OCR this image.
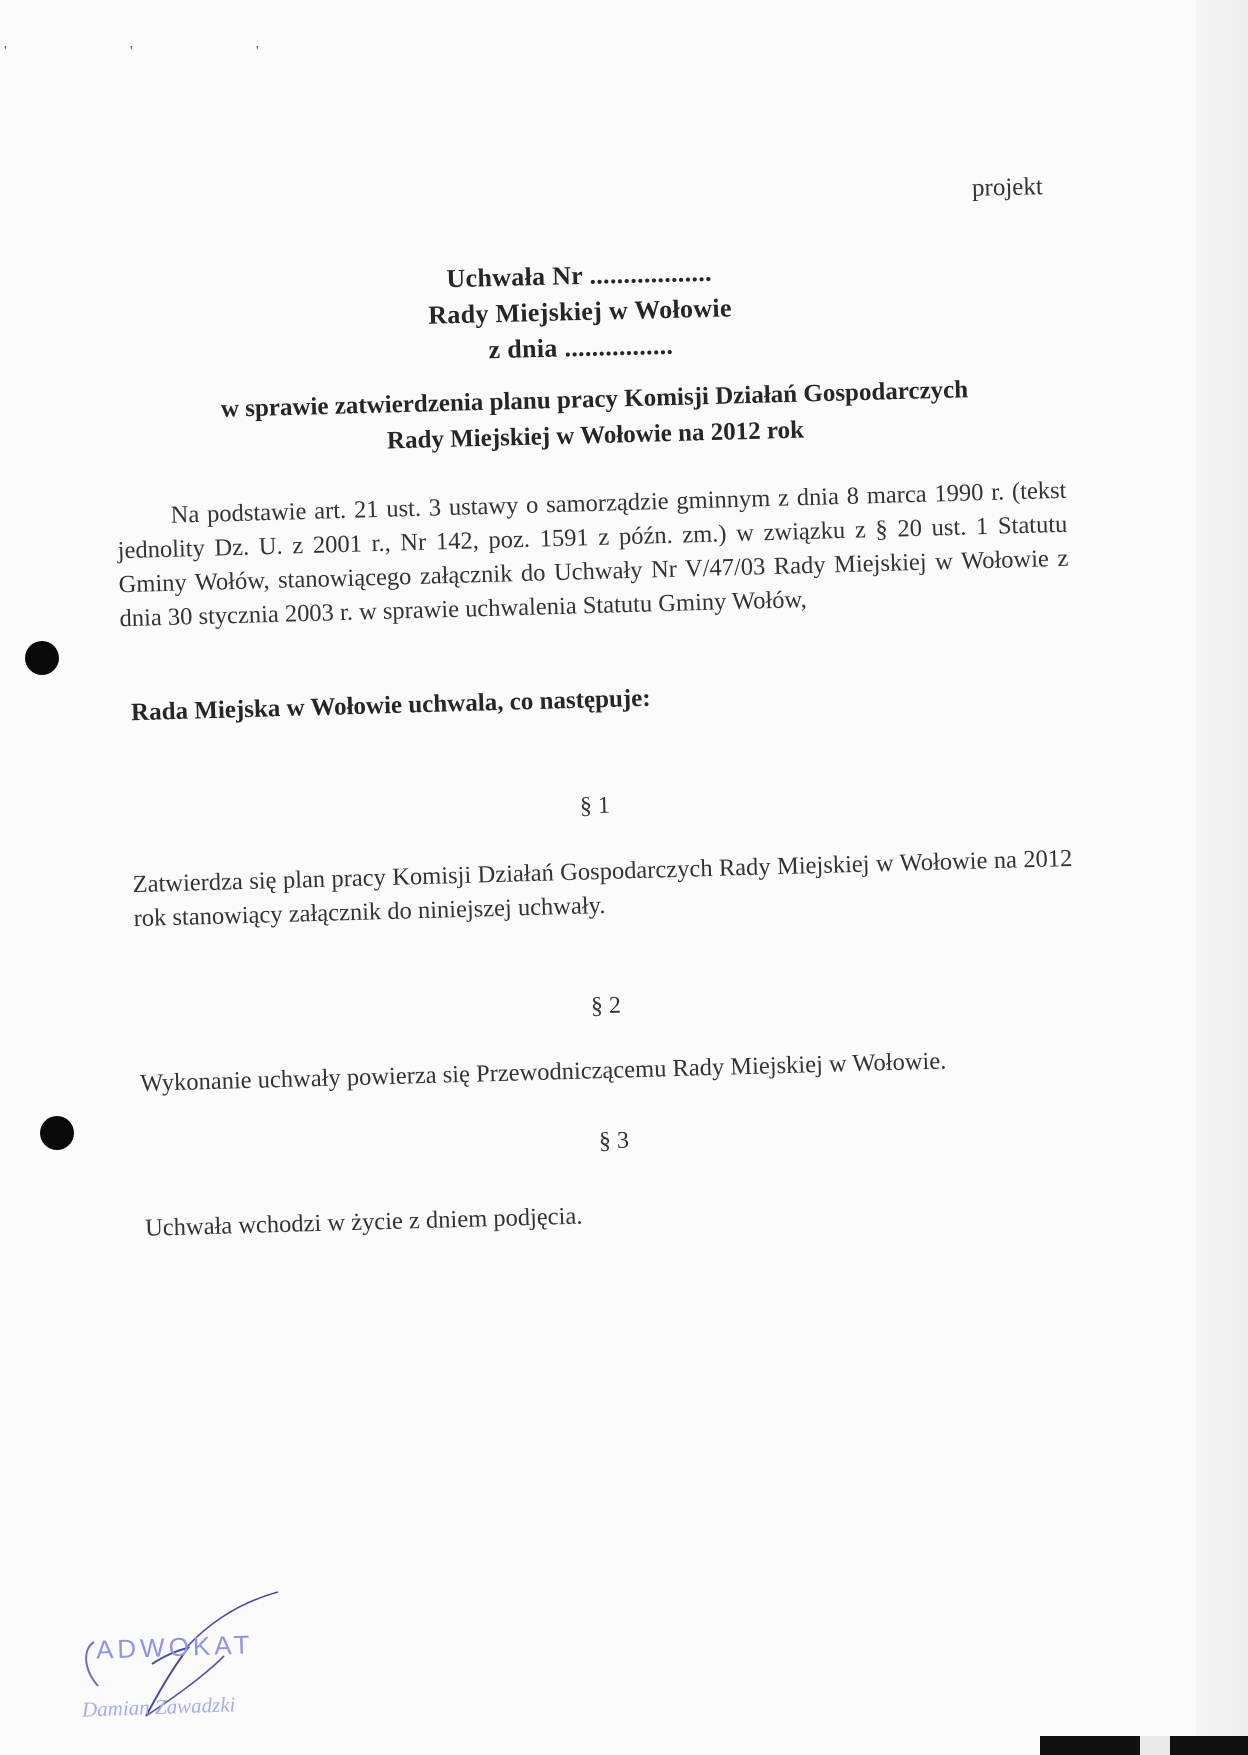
' ' '
projekt
Uchwała Nr ..................
Rady Miejskiej w Wołowie
z dnia ................
w sprawie zatwierdzenia planu pracy Komisji Działań Gospodarczych
Rady Miejskiej w Wołowie na 2012 rok
Na podstawie art. 21 ust. 3 ustawy o samorządzie gminnym z dnia 8 marca 1990 r. (tekst jednolity Dz. U. z 2001 r., Nr 142, poz. 1591 z późn. zm.) w związku z § 20 ust. 1 Statutu Gminy Wołów, stanowiącego załącznik do Uchwały Nr V/47/03 Rady Miejskiej w Wołowie z dnia 30 stycznia 2003 r. w sprawie uchwalenia Statutu Gminy Wołów,
Rada Miejska w Wołowie uchwala, co następuje:
§ 1
Zatwierdza się plan pracy Komisji Działań Gospodarczych Rady Miejskiej w Wołowie na 2012 rok stanowiący załącznik do niniejszej uchwały.
§ 2
Wykonanie uchwały powierza się Przewodniczącemu Rady Miejskiej w Wołowie.
§ 3
Uchwała wchodzi w życie z dniem podjęcia.
ADWOKAT
Damian Zawadzki
